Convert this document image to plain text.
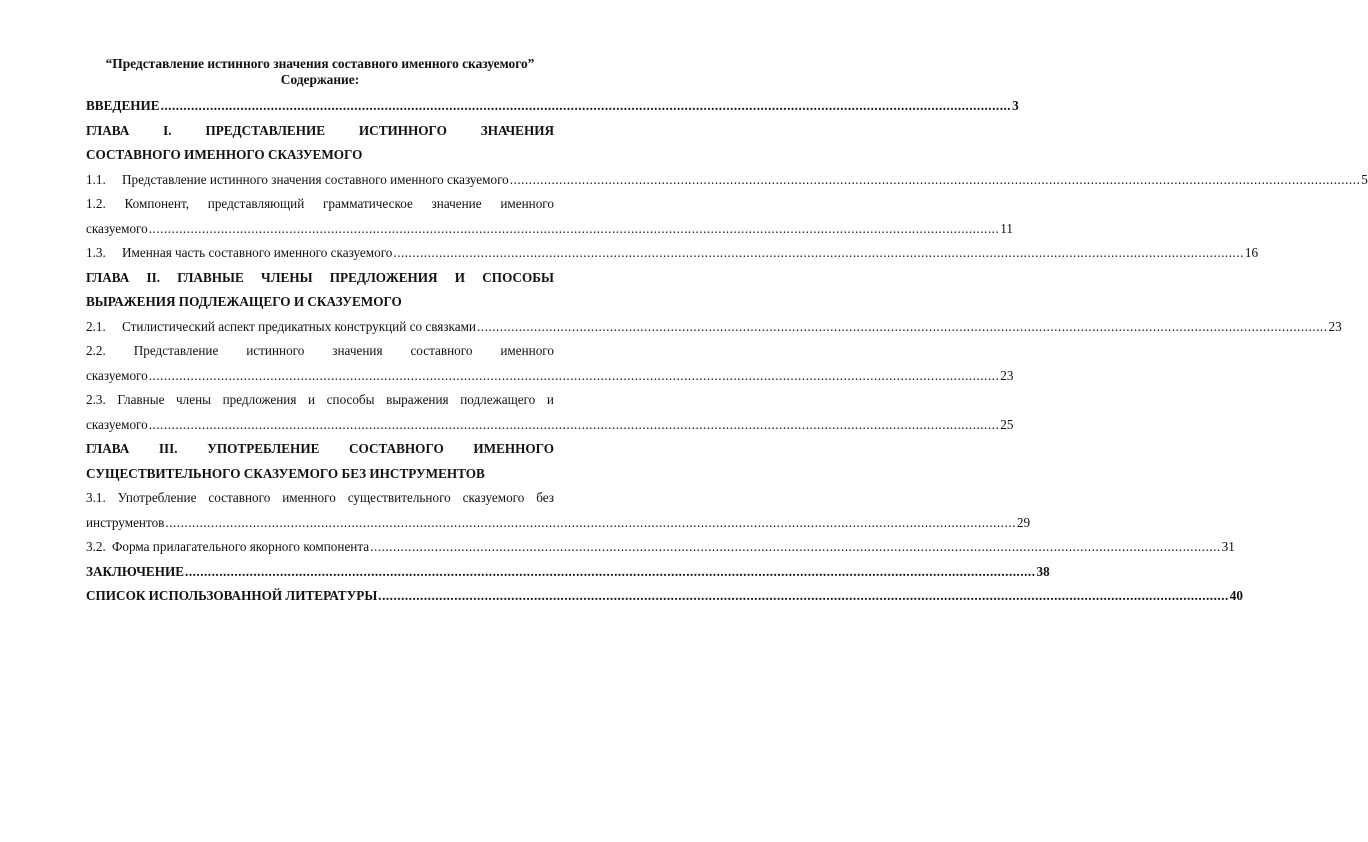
“Представление истинного значения составного именного сказуемого”
Содержание:
ВВЕДЕНИЕ .....	3
ГЛАВА	I.	ПРЕДСТАВЛЕНИЕ	ИСТИННОГО	ЗНАЧЕНИЯ
СОСТАВНОГО ИМЕННОГО СКАЗУЕМОГО
1.1.	Представление истинного значения составного именного сказуемого .....	5
1.2. Компонент, представляющий грамматическое значение именного
сказуемого .....	11
1.3.	Именная часть составного именного сказуемого .....	16
ГЛАВА II. ГЛАВНЫЕ ЧЛЕНЫ ПРЕДЛОЖЕНИЯ И СПОСОБЫ
ВЫРАЖЕНИЯ ПОДЛЕЖАЩЕГО И СКАЗУЕМОГО
2.1.	Стилистический аспект предикатных конструкций со связками .....	23
2.2. Представление истинного значения составного именного
сказуемого .....	23
2.3. Главные члены предложения и способы выражения подлежащего и
сказуемого .....	25
ГЛАВА III. УПОТРЕБЛЕНИЕ СОСТАВНОГО ИМЕННОГО
СУЩЕСТВИТЕЛЬНОГО СКАЗУЕМОГО БЕЗ ИНСТРУМЕНТОВ
3.1. Употребление составного именного существительного сказуемого без
инструментов .....	29
3.2. Форма прилагательного якорного компонента .....	31
ЗАКЛЮЧЕНИЕ .....	38
СПИСОК ИСПОЛЬЗОВАННОЙ ЛИТЕРАТУРЫ .....	40
